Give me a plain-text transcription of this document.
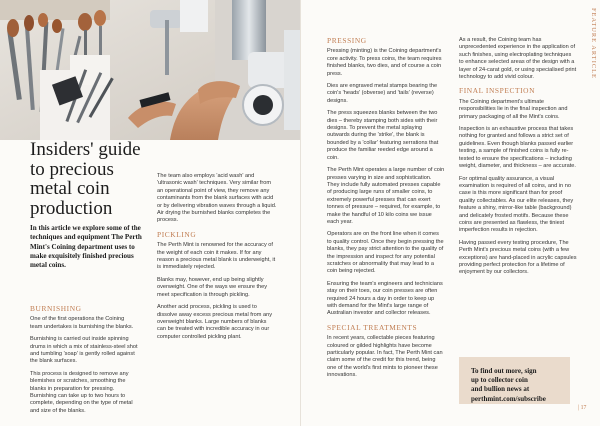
Insiders' guide to precious metal coin production

In this article we explore some of the techniques and equipment The Perth Mint's Coining department uses to make exquisitely finished precious metal coins.

BURNISHING

One of the first operations the Coining team undertakes is burnishing the blanks.

Burnishing is carried out inside spinning drums in which a mix of stainless-steel shot and tumbling 'soap' is gently rolled against the blank surfaces.

This process is designed to remove any blemishes or scratches, smoothing the blanks in preparation for pressing. Burnishing can take up to two hours to complete, depending on the type of metal and size of the blanks.

The team also employs 'acid wash' and 'ultrasonic wash' techniques. Very similar from an operational point of view, they remove any contaminants from the blank surfaces with acid or by delivering vibration waves through a liquid. Air drying the burnished blanks completes the process.

PICKLING

The Perth Mint is renowned for the accuracy of the weight of each coin it makes. If for any reason a precious metal blank is underweight, it is immediately rejected.

Blanks may, however, end up being slightly overweight. One of the ways we ensure they meet specification is through pickling.

Another acid process, pickling is used to dissolve away excess precious metal from any overweight blanks. Large numbers of blanks can be treated with incredible accuracy in our computer controlled pickling plant.

PRESSING

Pressing (minting) is the Coining department's core activity. To press coins, the team requires finished blanks, two dies, and of course a coin press.

Dies are engraved metal stamps bearing the coin's 'heads' (obverse) and 'tails' (reverse) designs.

The press squeezes blanks between the two dies – thereby stamping both sides with their designs. To prevent the metal splaying outwards during the 'strike', the blank is bounded by a 'collar' featuring serrations that produce the familiar reeded edge around a coin.

The Perth Mint operates a large number of coin presses varying in size and sophistication. They include fully automated presses capable of producing large runs of smaller coins, to extremely powerful presses that can exert tonnes of pressure – required, for example, to make the handful of 10 kilo coins we issue each year.

Operators are on the front line when it comes to quality control. Once they begin pressing the blanks, they pay strict attention to the quality of the impression and inspect for any potential scratches or abnormality that may lead to a coin being rejected.

Ensuring the team's engineers and technicians stay on their toes, our coin presses are often required 24 hours a day in order to keep up with demand for the Mint's large range of Australian investor and collector releases.

SPECIAL TREATMENTS

In recent years, collectable pieces featuring coloured or gilded highlights have become particularly popular. In fact, The Perth Mint can claim some of the credit for this trend, being one of the world's first mints to pioneer these innovations.

As a result, the Coining team has unprecedented experience in the application of such finishes, using electroplating techniques to enhance selected areas of the design with a layer of 24-carat gold, or using specialised print technology to add vivid colour.

FINAL INSPECTION

The Coining department's ultimate responsibilities lie in the final inspection and primary packaging of all the Mint's coins.

Inspection is an exhaustive process that takes nothing for granted and follows a strict set of guidelines. Even though blanks passed earlier testing, a sample of finished coins is fully re-tested to ensure the specifications – including weight, diameter, and thickness – are accurate.

For optimal quality assurance, a visual examination is required of all coins, and in no case is this more significant than for proof quality collectables. As our elite releases, they feature a shiny, mirror-like table (background) and delicately frosted motifs. Because these coins are presented as flawless, the tiniest imperfection results in rejection.

Having passed every testing procedure, The Perth Mint's precious metal coins (with a few exceptions) are hand-placed in acrylic capsules providing perfect protection for a lifetime of enjoyment by our collectors.

To find out more, sign
up to collector coin
and bullion news at
perthmint.com/subscribe
FEATURE ARTICLE
| 17
